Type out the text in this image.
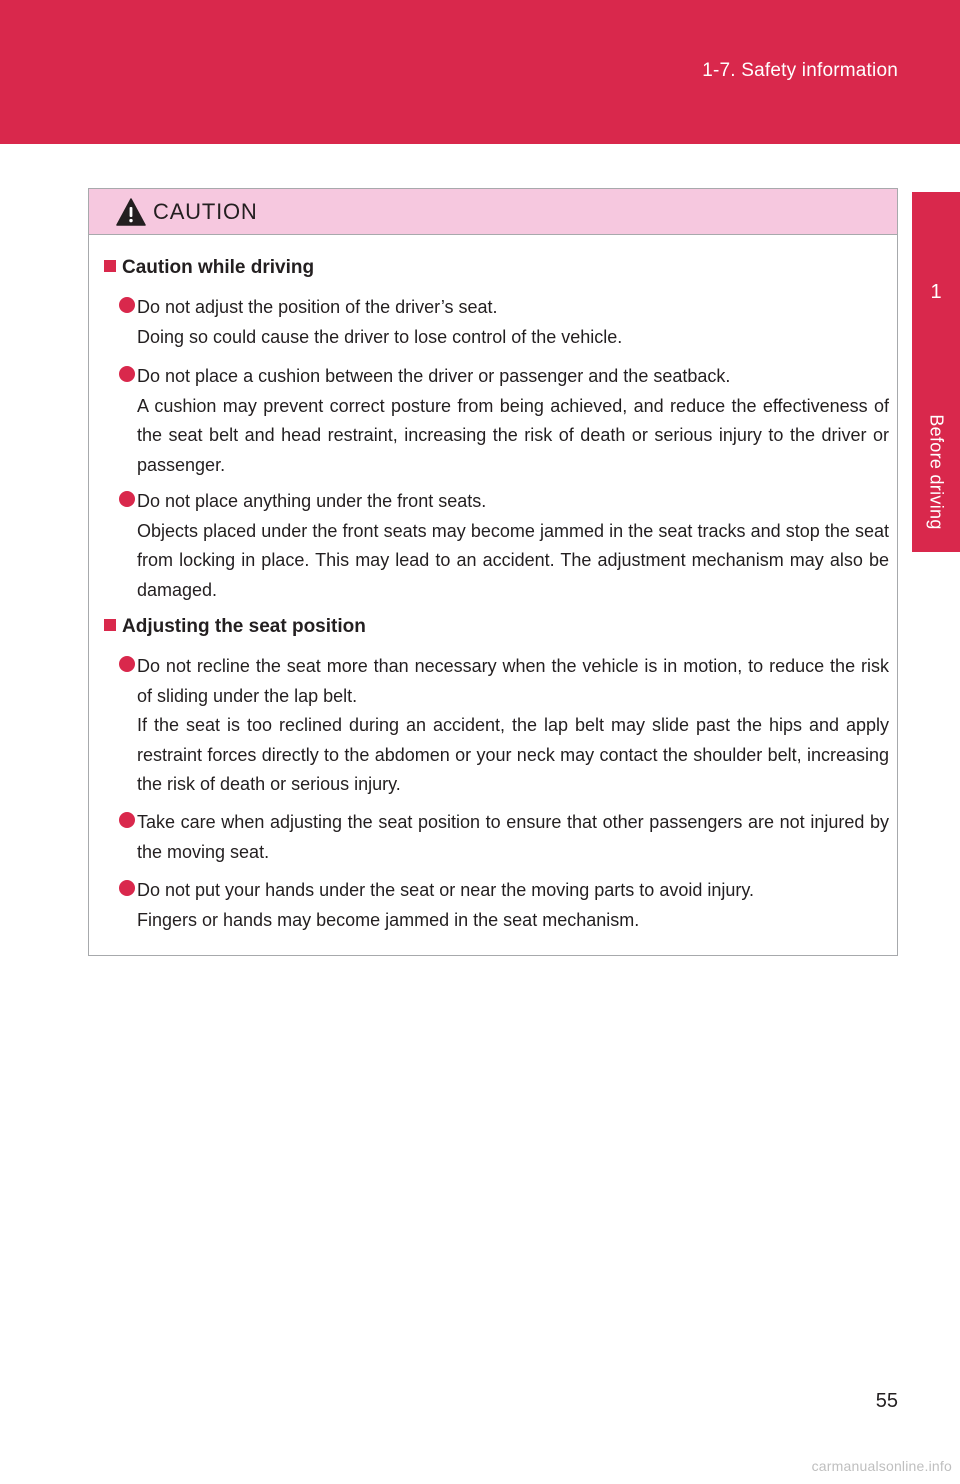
1-7. Safety information
1
Before driving
CAUTION
Caution while driving

Do not adjust the position of the driver’s seat.

Doing so could cause the driver to lose control of the vehicle.

Do not place a cushion between the driver or passenger and the seatback.

A cushion may prevent correct posture from being achieved, and reduce the effectiveness of the seat belt and head restraint, increasing the risk of death or serious injury to the driver or passenger.

Do not place anything under the front seats.

Objects placed under the front seats may become jammed in the seat tracks and stop the seat from locking in place. This may lead to an accident. The adjustment mechanism may also be damaged.

Adjusting the seat position

Do not recline the seat more than necessary when the vehicle is in motion, to reduce the risk of sliding under the lap belt.

If the seat is too reclined during an accident, the lap belt may slide past the hips and apply restraint forces directly to the abdomen or your neck may contact the shoulder belt, increasing the risk of death or serious injury.

Take care when adjusting the seat position to ensure that other passengers are not injured by the moving seat.

Do not put your hands under the seat or near the moving parts to avoid injury.

Fingers or hands may become jammed in the seat mechanism.

55
carmanualsonline.info
